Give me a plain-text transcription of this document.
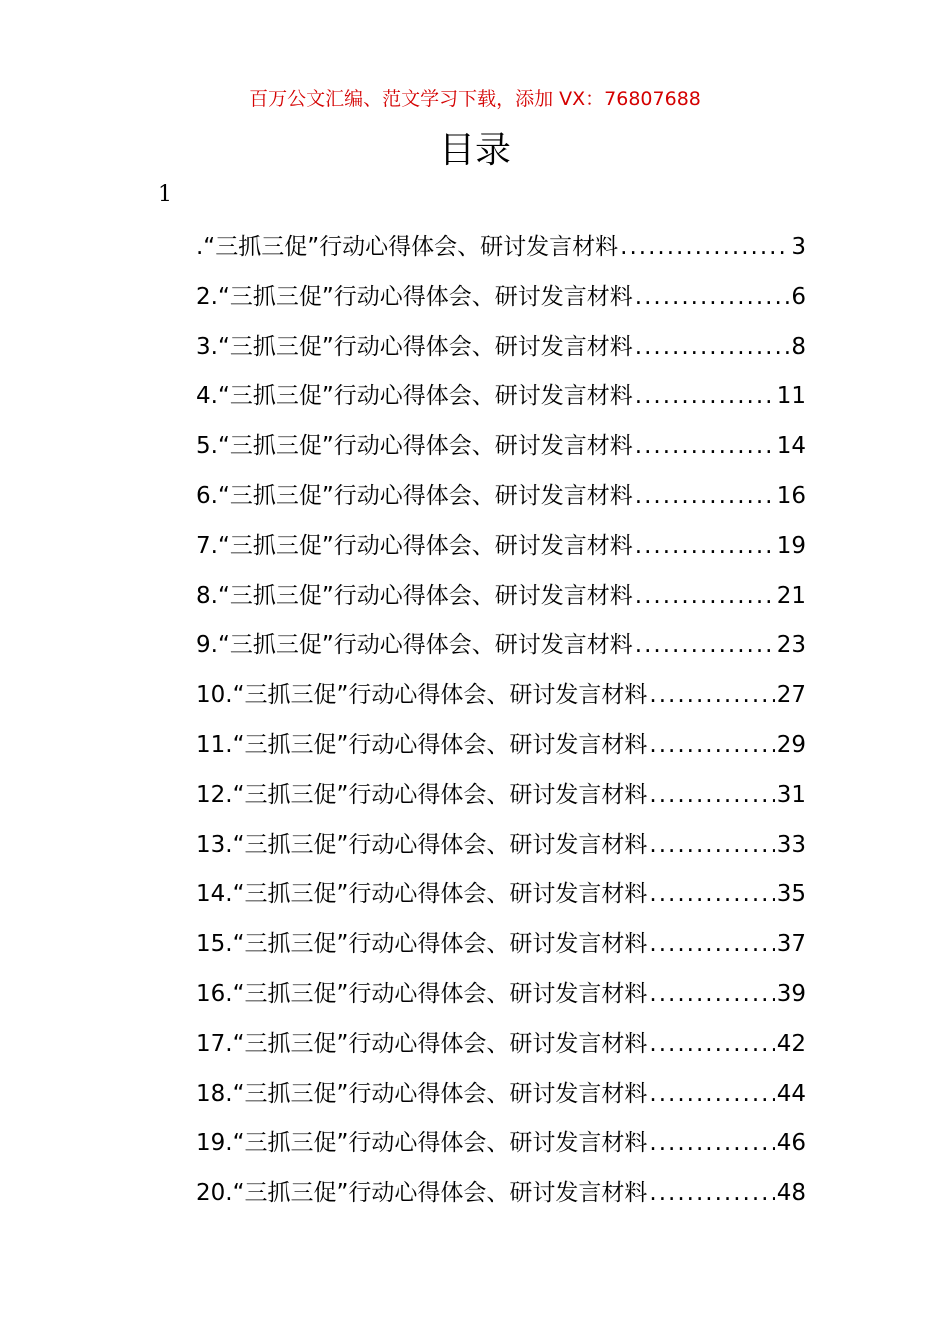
百万公文汇编、范文学习下载，添加 VX：76807688
目录
1
.“三抓三促”行动心得体会、研讨发言材料 .....	3
2.“三抓三促”行动心得体会、研讨发言材料 .....	6
3.“三抓三促”行动心得体会、研讨发言材料 .....	8
4.“三抓三促”行动心得体会、研讨发言材料 .....	11
5.“三抓三促”行动心得体会、研讨发言材料 .....	14
6.“三抓三促”行动心得体会、研讨发言材料 .....	16
7.“三抓三促”行动心得体会、研讨发言材料 .....	19
8.“三抓三促”行动心得体会、研讨发言材料 .....	21
9.“三抓三促”行动心得体会、研讨发言材料 .....	23
10.“三抓三促”行动心得体会、研讨发言材料 .....	27
11.“三抓三促”行动心得体会、研讨发言材料 .....	29
12.“三抓三促”行动心得体会、研讨发言材料 .....	31
13.“三抓三促”行动心得体会、研讨发言材料 .....	33
14.“三抓三促”行动心得体会、研讨发言材料 .....	35
15.“三抓三促”行动心得体会、研讨发言材料 .....	37
16.“三抓三促”行动心得体会、研讨发言材料 .....	39
17.“三抓三促”行动心得体会、研讨发言材料 .....	42
18.“三抓三促”行动心得体会、研讨发言材料 .....	44
19.“三抓三促”行动心得体会、研讨发言材料 .....	46
20.“三抓三促”行动心得体会、研讨发言材料 .....	48
